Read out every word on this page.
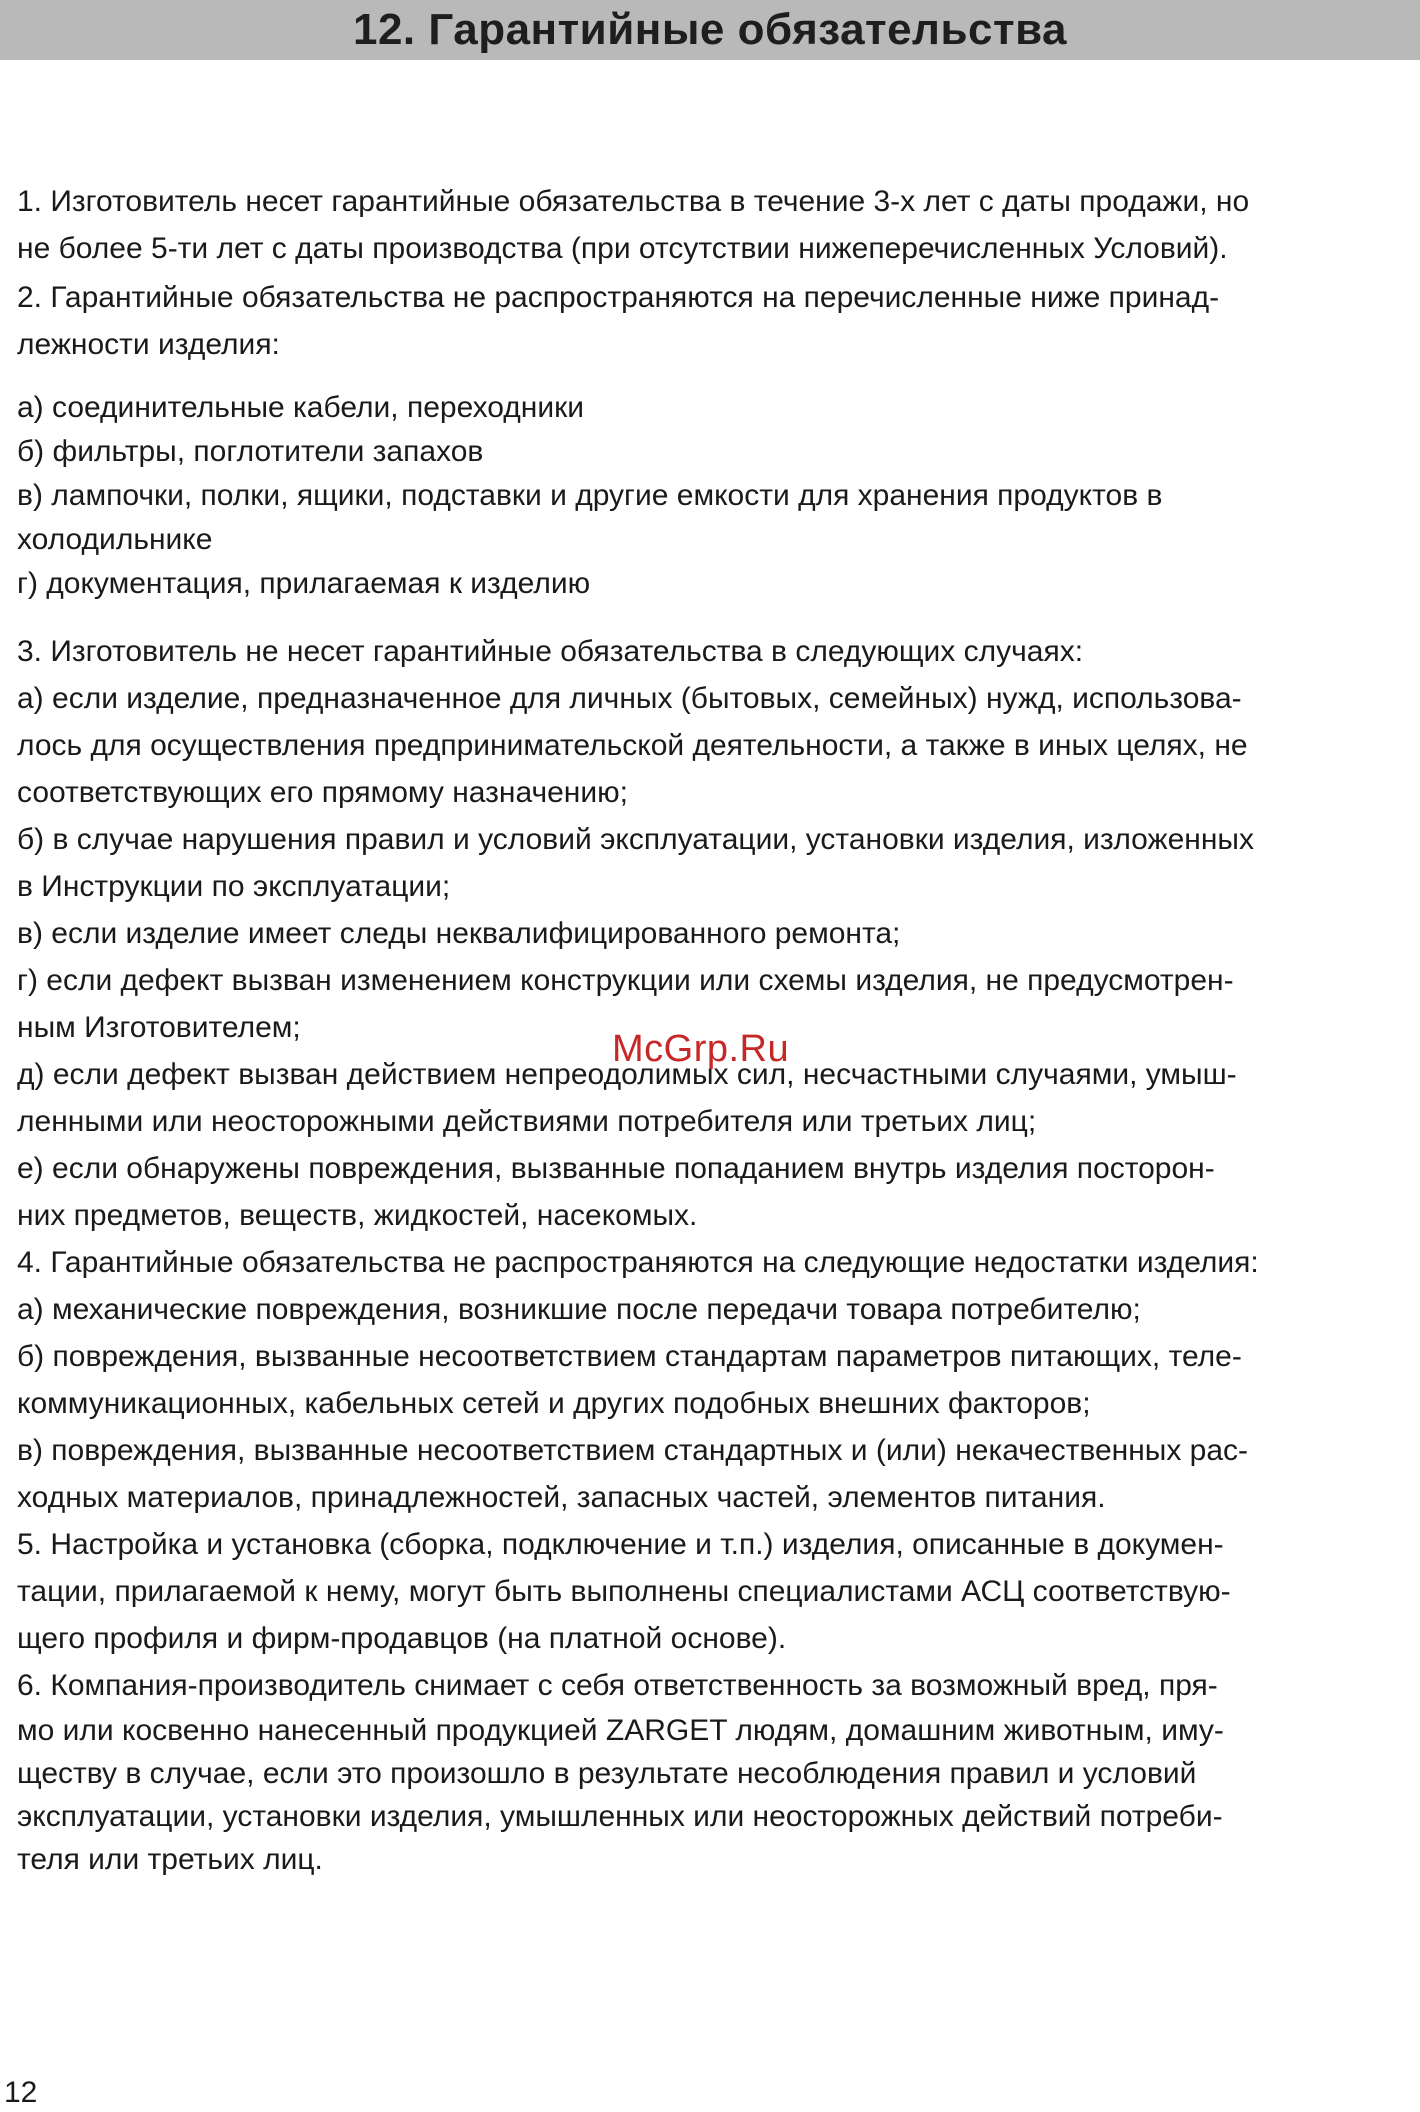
12. Гарантийные обязательства

1. Изготовитель несет гарантийные обязательства в течение 3-х лет с даты продажи, но

не более 5-ти лет с даты производства (при отсутствии нижеперечисленных Условий).

2. Гарантийные обязательства не распространяются на перечисленные ниже принад-

лежности изделия:

а) соединительные кабели, переходники

б) фильтры, поглотители запахов

в) лампочки, полки, ящики, подставки и другие емкости для хранения продуктов в

холодильнике

г) документация, прилагаемая к изделию

3. Изготовитель не несет гарантийные обязательства в следующих случаях:

а) если изделие, предназначенное для личных (бытовых, семейных) нужд, использова-

лось для осуществления предпринимательской деятельности, а также в иных целях, не

соответствующих его прямому назначению;

б) в случае нарушения правил и условий эксплуатации, установки изделия, изложенных

в Инструкции по эксплуатации;

в) если изделие имеет следы неквалифицированного ремонта;

г) если дефект вызван изменением конструкции или схемы изделия, не предусмотрен-

ным Изготовителем;

д) если дефект вызван действием непреодолимых сил, несчастными случаями, умыш-

ленными или неосторожными действиями потребителя или третьих лиц;

е) если обнаружены повреждения, вызванные попаданием внутрь изделия посторон-

них предметов, веществ, жидкостей, насекомых.

4. Гарантийные обязательства не распространяются на следующие недостатки изделия:

а) механические повреждения, возникшие после передачи товара потребителю;

б) повреждения, вызванные несоответствием стандартам параметров питающих, теле-

коммуникационных, кабельных сетей и других подобных внешних факторов;

в) повреждения, вызванные несоответствием стандартных и (или) некачественных рас-

ходных материалов, принадлежностей, запасных частей, элементов питания.

5. Настройка и установка (сборка, подключение и т.п.) изделия, описанные в докумен-

тации, прилагаемой к нему, могут быть выполнены специалистами АСЦ соответствую-

щего профиля и фирм-продавцов (на платной основе).

6. Компания-производитель снимает с себя ответственность за возможный вред, пря-

мо или косвенно нанесенный продукцией ZARGET людям, домашним животным, иму-

ществу в случае, если это произошло в результате несоблюдения правил и условий

эксплуатации, установки изделия, умышленных или неосторожных действий потреби-

теля или третьих лиц.

McGrp.Ru
12
